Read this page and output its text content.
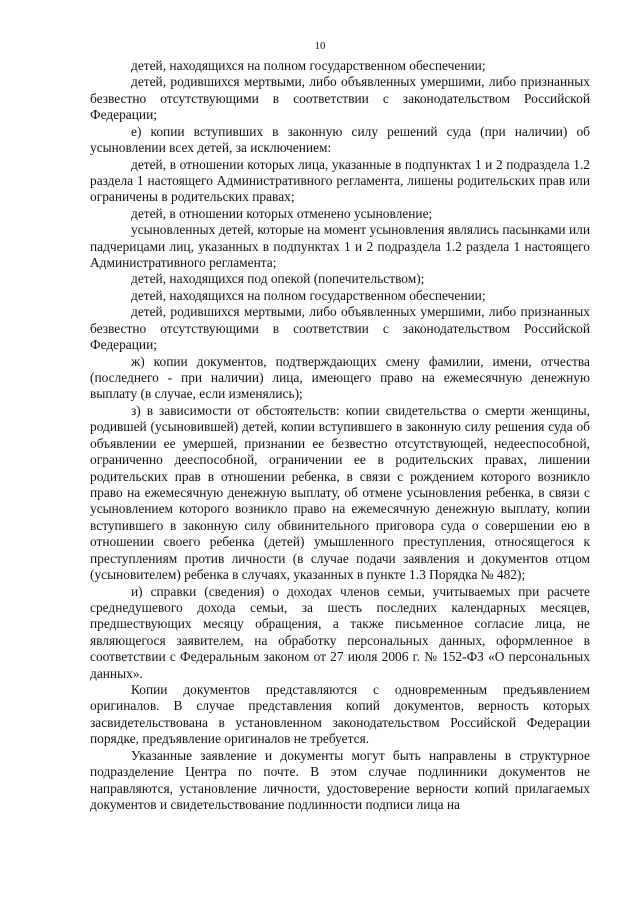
10

детей, находящихся на полном государственном обеспечении;

детей, родившихся мертвыми, либо объявленных умершими, либо признанных безвестно отсутствующими в соответствии с законодательством Российской Федерации;

е) копии вступивших в законную силу решений суда (при наличии) об усыновлении всех детей, за исключением:

детей, в отношении которых лица, указанные в подпунктах 1 и 2 подраздела 1.2 раздела 1 настоящего Административного регламента, лишены родительских прав или ограничены в родительских правах;

детей, в отношении которых отменено усыновление;

усыновленных детей, которые на момент усыновления являлись пасынками или падчерицами лиц, указанных в подпунктах 1 и 2 подраздела 1.2 раздела 1 настоящего Административного регламента;

детей, находящихся под опекой (попечительством);

детей, находящихся на полном государственном обеспечении;

детей, родившихся мертвыми, либо объявленных умершими, либо признанных безвестно отсутствующими в соответствии с законодательством Российской Федерации;

ж) копии документов, подтверждающих смену фамилии, имени, отчества (последнего - при наличии) лица, имеющего право на ежемесячную денежную выплату (в случае, если изменялись);

з) в зависимости от обстоятельств: копии свидетельства о смерти женщины, родившей (усыновившей) детей, копии вступившего в законную силу решения суда об объявлении ее умершей, признании ее безвестно отсутствующей, недееспособной, ограниченно дееспособной, ограничении ее в родительских правах, лишении родительских прав в отношении ребенка, в связи с рождением которого возникло право на ежемесячную денежную выплату, об отмене усыновления ребенка, в связи с усыновлением которого возникло право на ежемесячную денежную выплату, копии вступившего в законную силу обвинительного приговора суда о совершении ею в отношении своего ребенка (детей) умышленного преступления, относящегося к преступлениям против личности (в случае подачи заявления и документов отцом (усыновителем) ребенка в случаях, указанных в пункте 1.3 Порядка № 482);

и) справки (сведения) о доходах членов семьи, учитываемых при расчете среднедушевого дохода семьи, за шесть последних календарных месяцев, предшествующих месяцу обращения, а также письменное согласие лица, не являющегося заявителем, на обработку персональных данных, оформленное в соответствии с Федеральным законом от 27 июля 2006 г. № 152-ФЗ «О персональных данных».

Копии документов представляются с одновременным предъявлением оригиналов. В случае представления копий документов, верность которых засвидетельствована в установленном законодательством Российской Федерации порядке, предъявление оригиналов не требуется.

Указанные заявление и документы могут быть направлены в структурное подразделение Центра по почте. В этом случае подлинники документов не направляются, установление личности, удостоверение верности копий прилагаемых документов и свидетельствование подлинности подписи лица на
